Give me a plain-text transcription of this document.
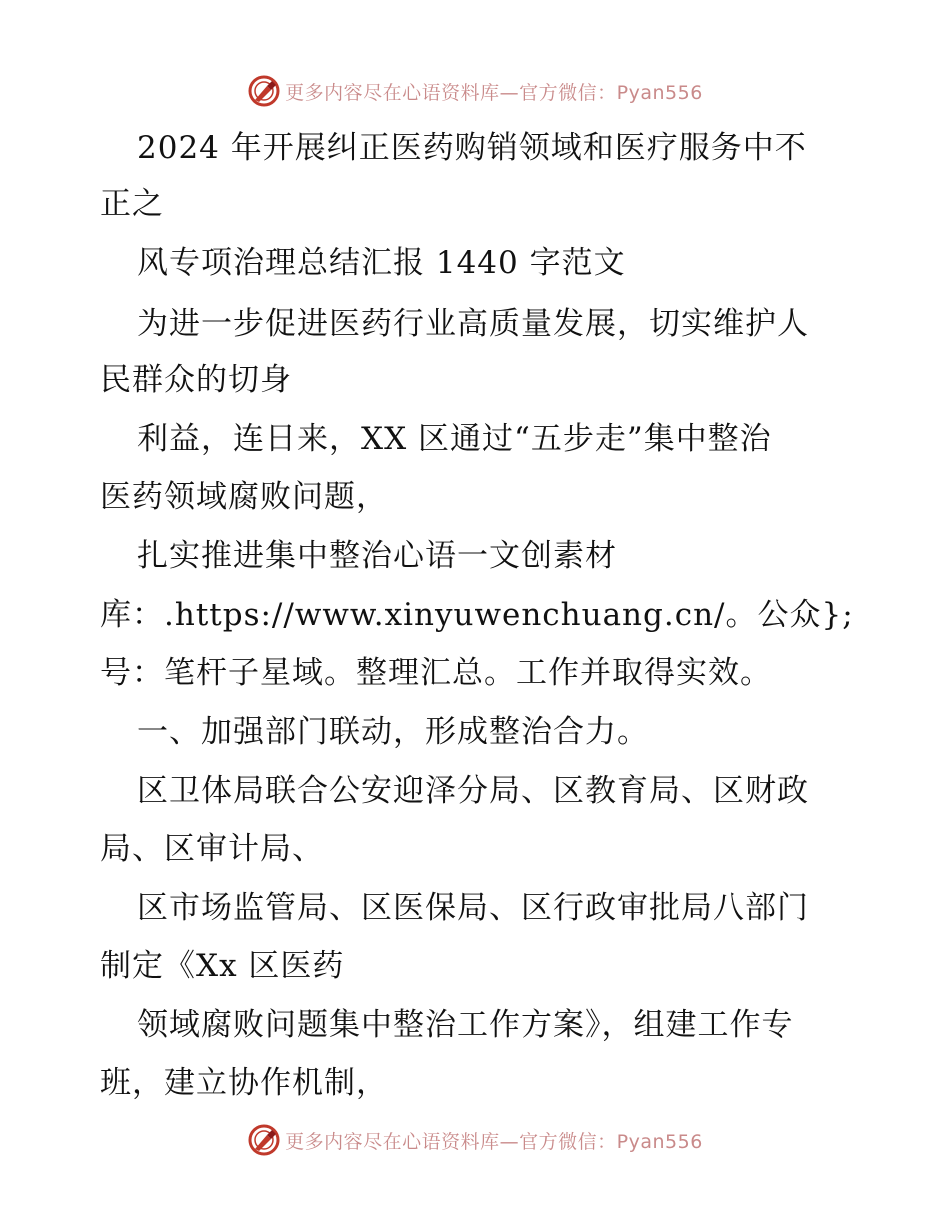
更多内容尽在心语资料库—官方微信：Pyan556
2024 年开展纠正医药购销领域和医疗服务中不
正之
风专项治理总结汇报 1440 字范文
为进一步促进医药行业高质量发展，切实维护人
民群众的切身
利益，连日来，XX 区通过“五步走”集中整治
医药领域腐败问题，
扎实推进集中整治心语一文创素材
库：.https://www.xinyuwenchuang.cn/。公众};
号：笔杆子星域。整理汇总。工作并取得实效。
一、加强部门联动，形成整治合力。
区卫体局联合公安迎泽分局、区教育局、区财政
局、区审计局、
区市场监管局、区医保局、区行政审批局八部门
制定《Xx 区医药
领域腐败问题集中整治工作方案》，组建工作专
班，建立协作机制，
更多内容尽在心语资料库—官方微信：Pyan556
